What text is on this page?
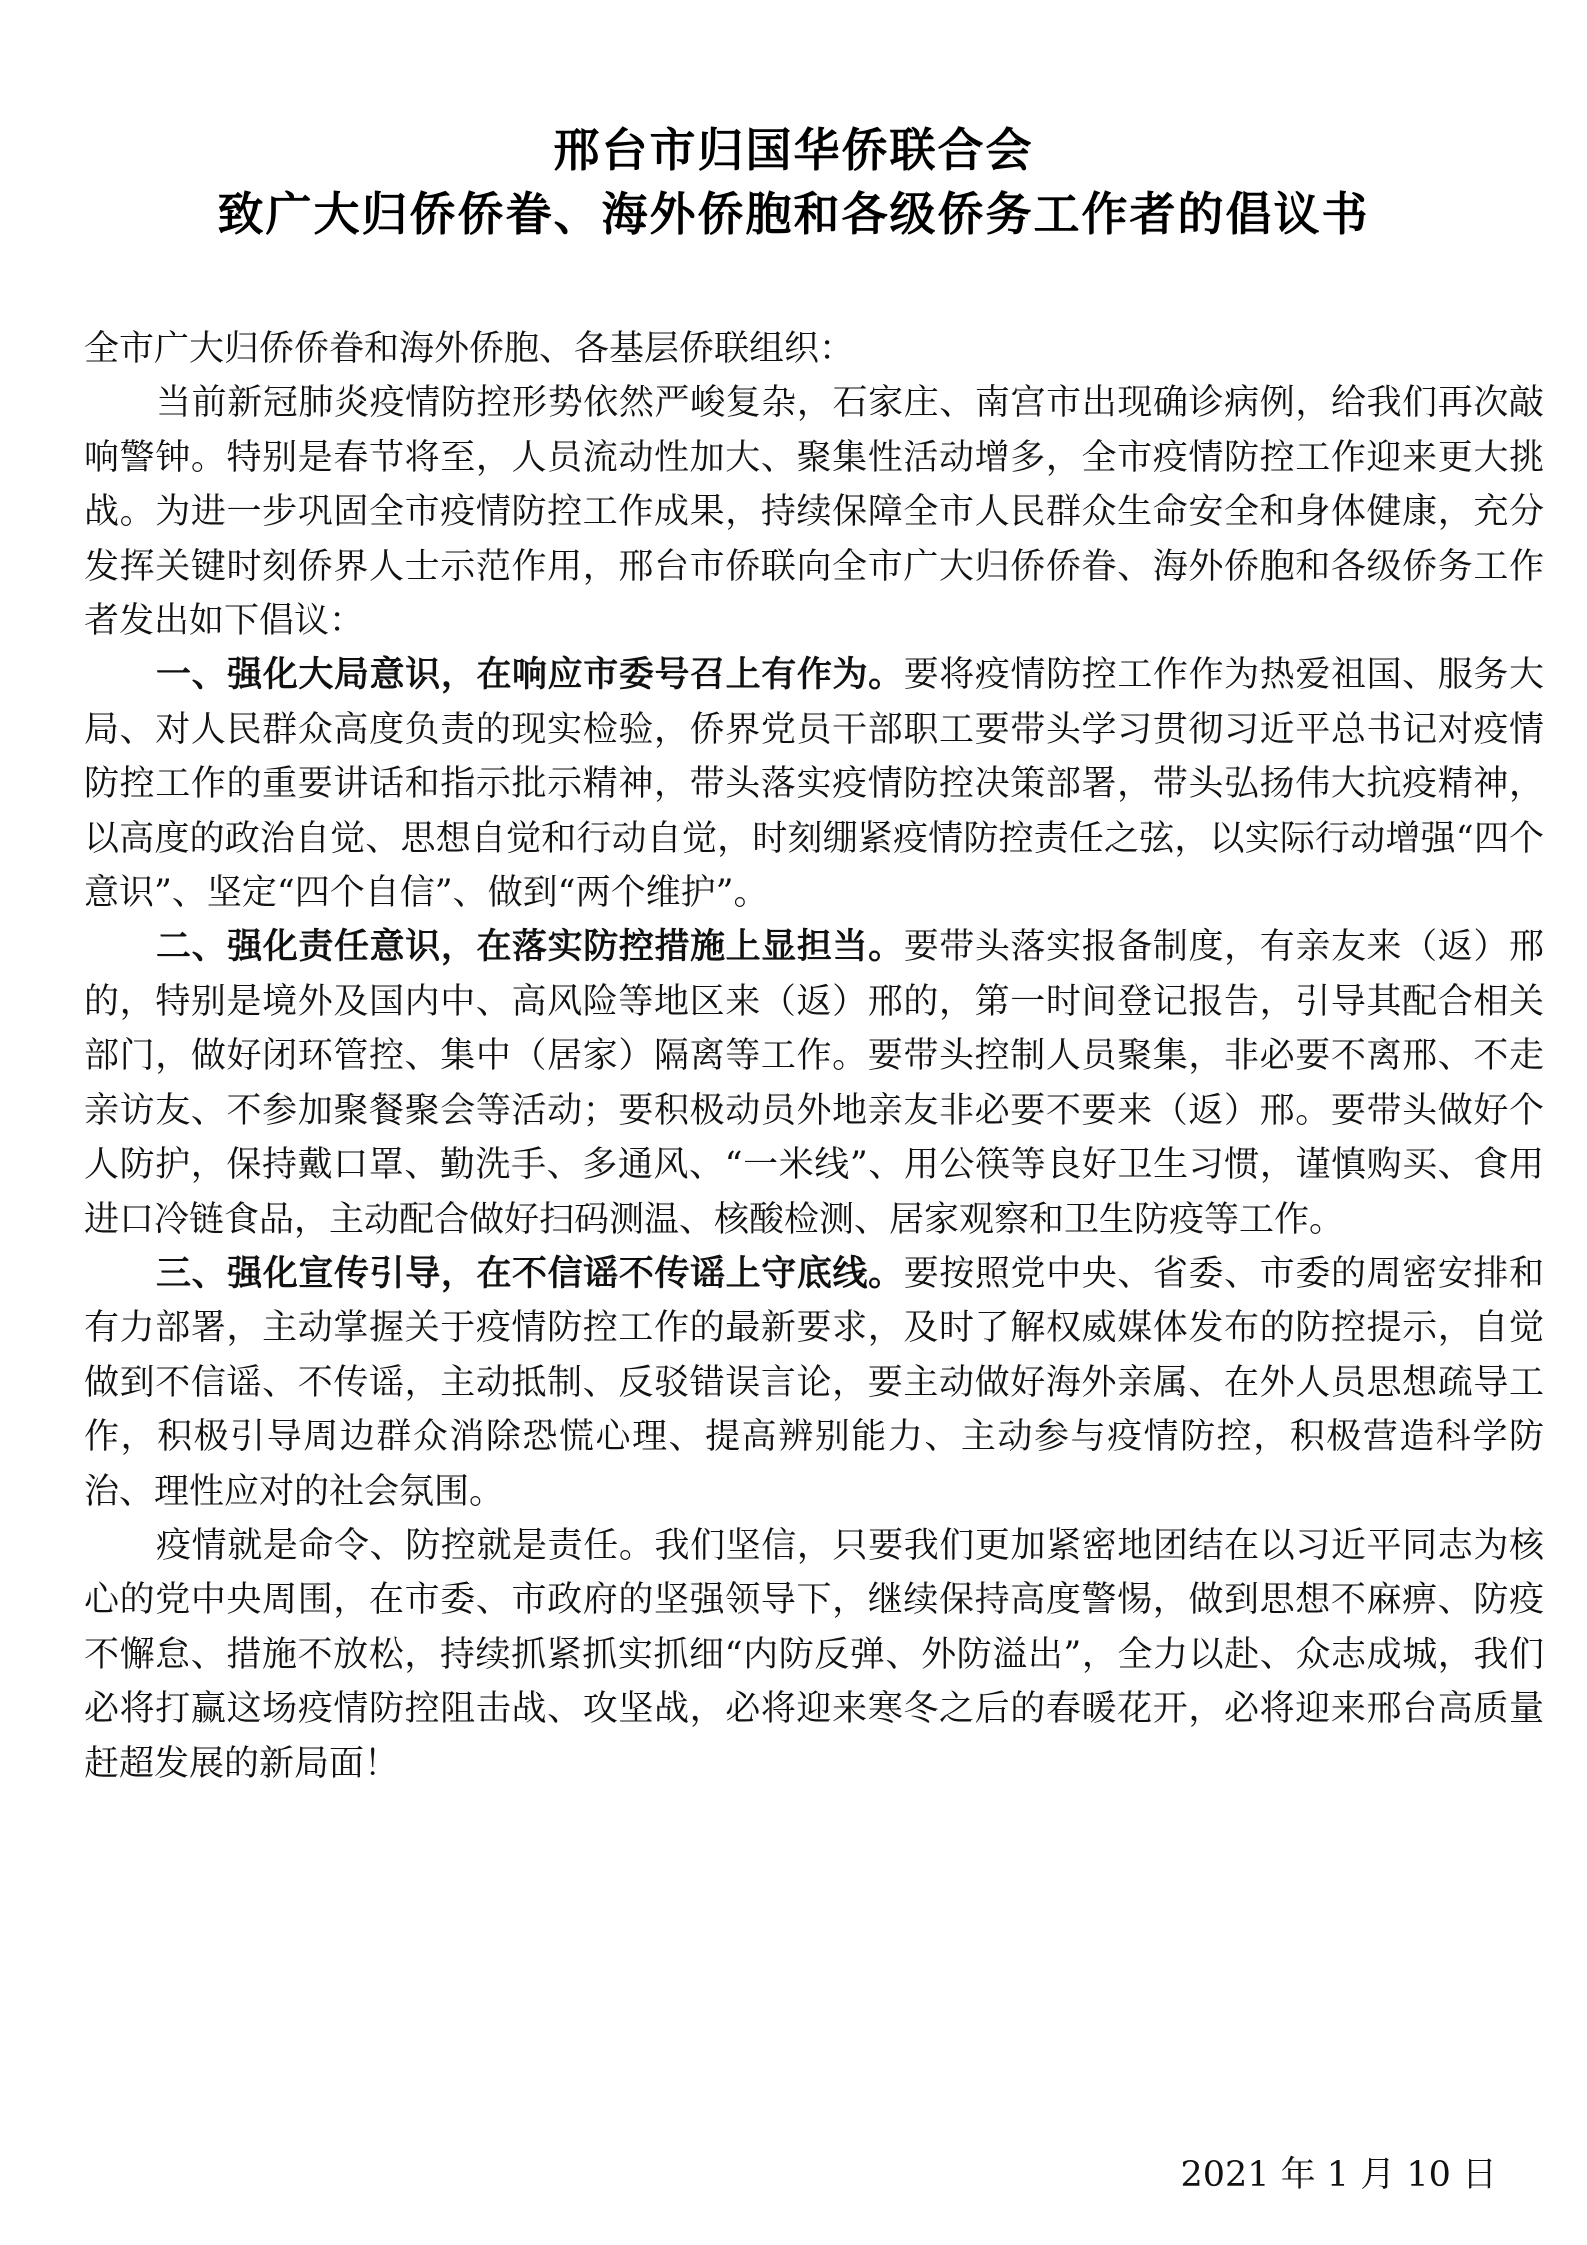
邢台市归国华侨联合会
致广大归侨侨眷、海外侨胞和各级侨务工作者的倡议书

全市广大归侨侨眷和海外侨胞、各基层侨联组织：

当前新冠肺炎疫情防控形势依然严峻复杂，石家庄、南宫市出现确诊病例，给我们再次敲响警钟。特别是春节将至，人员流动性加大、聚集性活动增多，全市疫情防控工作迎来更大挑战。为进一步巩固全市疫情防控工作成果，持续保障全市人民群众生命安全和身体健康，充分发挥关键时刻侨界人士示范作用，邢台市侨联向全市广大归侨侨眷、海外侨胞和各级侨务工作者发出如下倡议：

一、强化大局意识，在响应市委号召上有作为。要将疫情防控工作作为热爱祖国、服务大局、对人民群众高度负责的现实检验，侨界党员干部职工要带头学习贯彻习近平总书记对疫情防控工作的重要讲话和指示批示精神，带头落实疫情防控决策部署，带头弘扬伟大抗疫精神，以高度的政治自觉、思想自觉和行动自觉，时刻绷紧疫情防控责任之弦，以实际行动增强“四个意识”、坚定“四个自信”、做到“两个维护”。

二、强化责任意识，在落实防控措施上显担当。要带头落实报备制度，有亲友来（返）邢的，特别是境外及国内中、高风险等地区来（返）邢的，第一时间登记报告，引导其配合相关部门，做好闭环管控、集中（居家）隔离等工作。要带头控制人员聚集，非必要不离邢、不走亲访友、不参加聚餐聚会等活动；要积极动员外地亲友非必要不要来（返）邢。要带头做好个人防护，保持戴口罩、勤洗手、多通风、“一米线”、用公筷等良好卫生习惯，谨慎购买、食用进口冷链食品，主动配合做好扫码测温、核酸检测、居家观察和卫生防疫等工作。

三、强化宣传引导，在不信谣不传谣上守底线。要按照党中央、省委、市委的周密安排和有力部署，主动掌握关于疫情防控工作的最新要求，及时了解权威媒体发布的防控提示，自觉做到不信谣、不传谣，主动抵制、反驳错误言论，要主动做好海外亲属、在外人员思想疏导工作，积极引导周边群众消除恐慌心理、提高辨别能力、主动参与疫情防控，积极营造科学防治、理性应对的社会氛围。

疫情就是命令、防控就是责任。我们坚信，只要我们更加紧密地团结在以习近平同志为核心的党中央周围，在市委、市政府的坚强领导下，继续保持高度警惕，做到思想不麻痹、防疫不懈怠、措施不放松，持续抓紧抓实抓细“内防反弹、外防溢出”，全力以赴、众志成城，我们必将打赢这场疫情防控阻击战、攻坚战，必将迎来寒冬之后的春暖花开，必将迎来邢台高质量赶超发展的新局面！

2021 年 1 月 10 日
